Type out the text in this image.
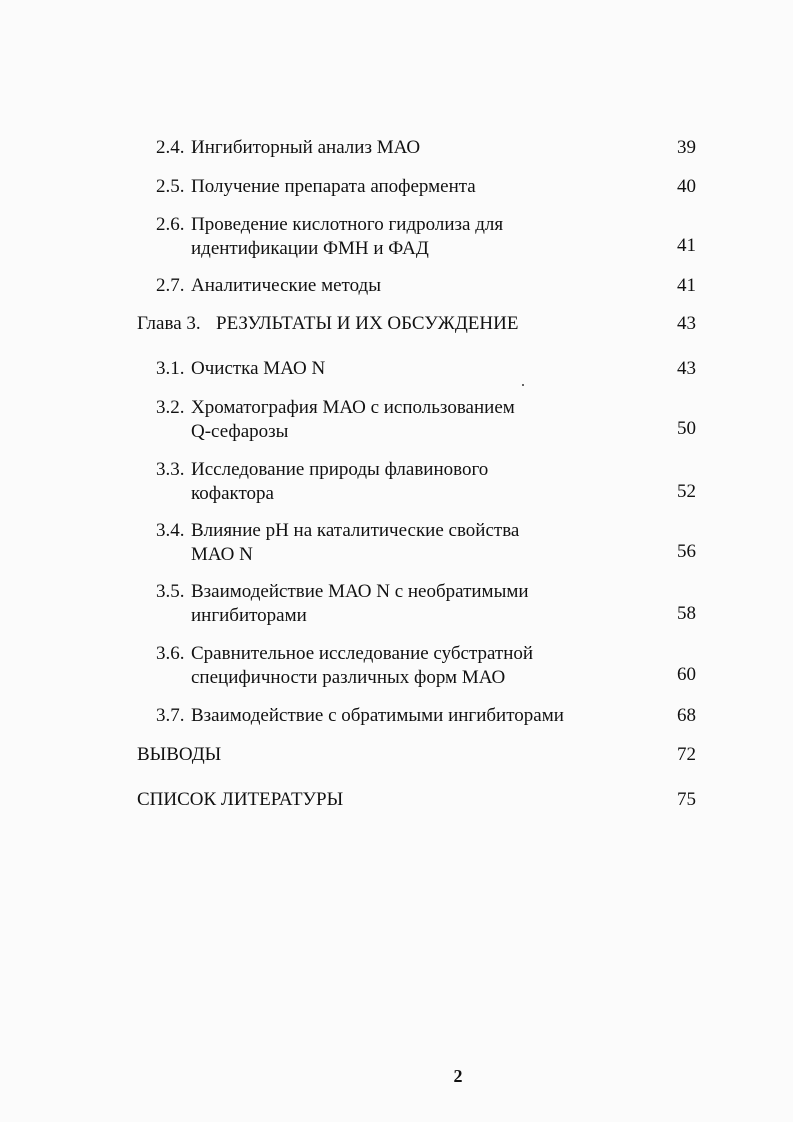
2.4. Ингибиторный анализ МАО	39
2.5. Получение препарата апофермента	40
2.6. Проведение кислотного гидролиза для
идентификации ФМН и ФАД	41
2.7. Аналитические методы	41
Глава 3. РЕЗУЛЬТАТЫ И ИХ ОБСУЖДЕНИЕ	43
3.1. Очистка МАО N	43
3.2. Хроматография МАО с использованием
Q-сефарозы	50
3.3. Исследование природы флавинового
кофактора	52
3.4. Влияние pH на каталитические свойства
МАО N	56
3.5. Взаимодействие МАО N с необратимыми
ингибиторами	58
3.6. Сравнительное исследование субстратной
специфичности различных форм МАО	60
3.7. Взаимодействие с обратимыми ингибиторами	68
ВЫВОДЫ	72
СПИСОК ЛИТЕРАТУРЫ	75
2
